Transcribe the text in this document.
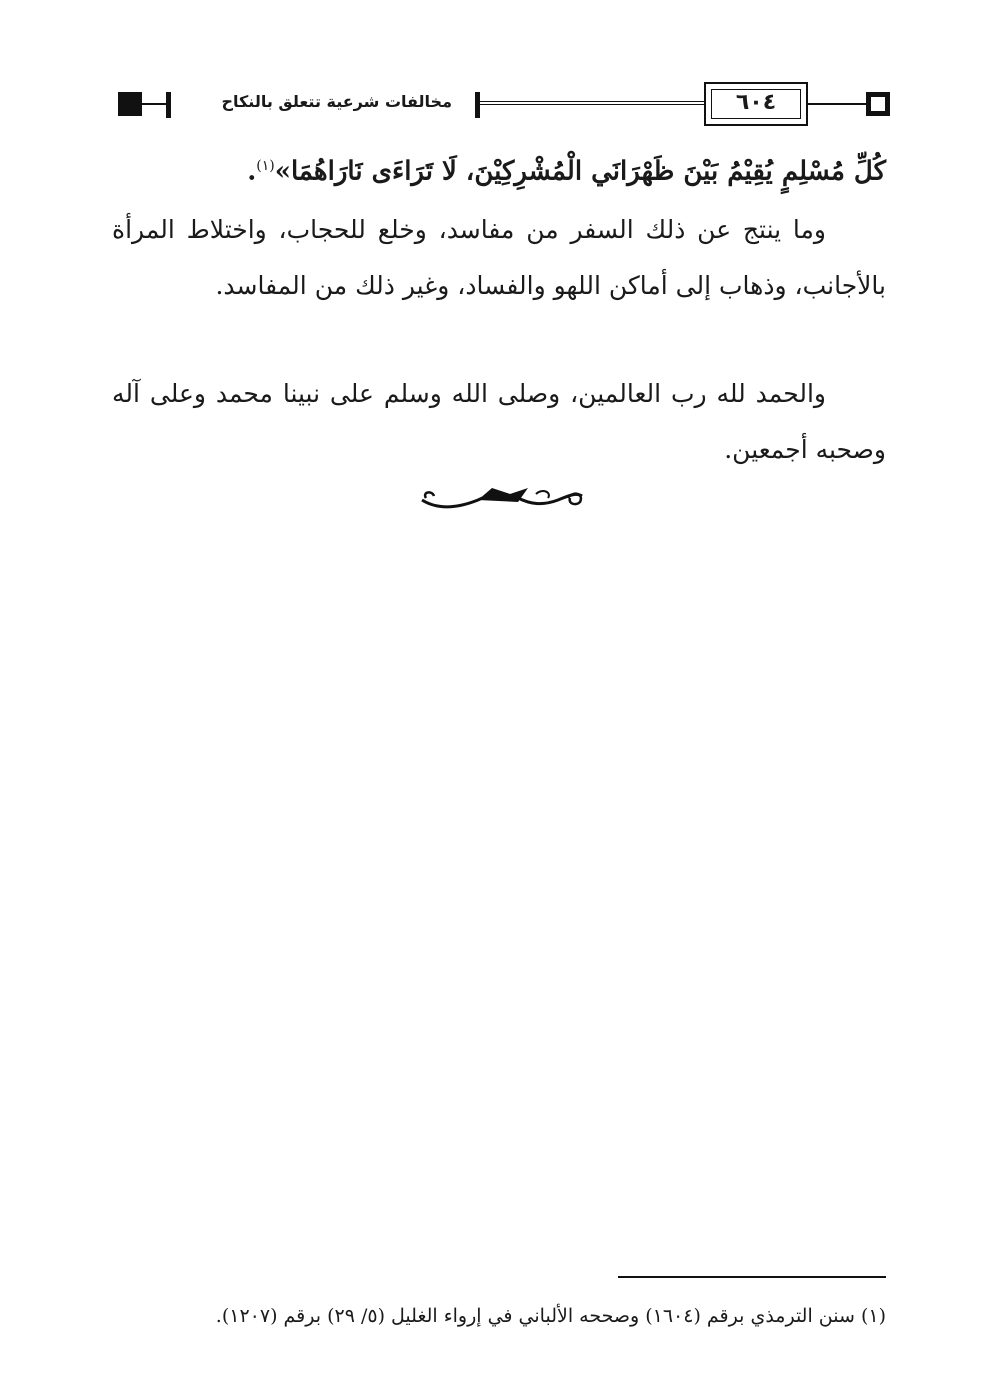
٦٠٤
مخالفات شرعية تتعلق بالنكاح
كُلِّ مُسْلِمٍ يُقِيْمُ بَيْنَ ظَهْرَانَي الْمُشْرِكِيْنَ، لَا تَرَاءَى نَارَاهُمَا»$^{(١)}$.
وما ينتج عن ذلك السفر من مفاسد، وخلع للحجاب، واختلاط المرأة بالأجانب، وذهاب إلى أماكن اللهو والفساد، وغير ذلك من المفاسد.
والحمد لله رب العالمين، وصلى الله وسلم على نبينا محمد وعلى آله وصحبه أجمعين.
(١) سنن الترمذي برقم (١٦٠٤) وصححه الألباني في إرواء الغليل (٥/ ٢٩) برقم (١٢٠٧).
